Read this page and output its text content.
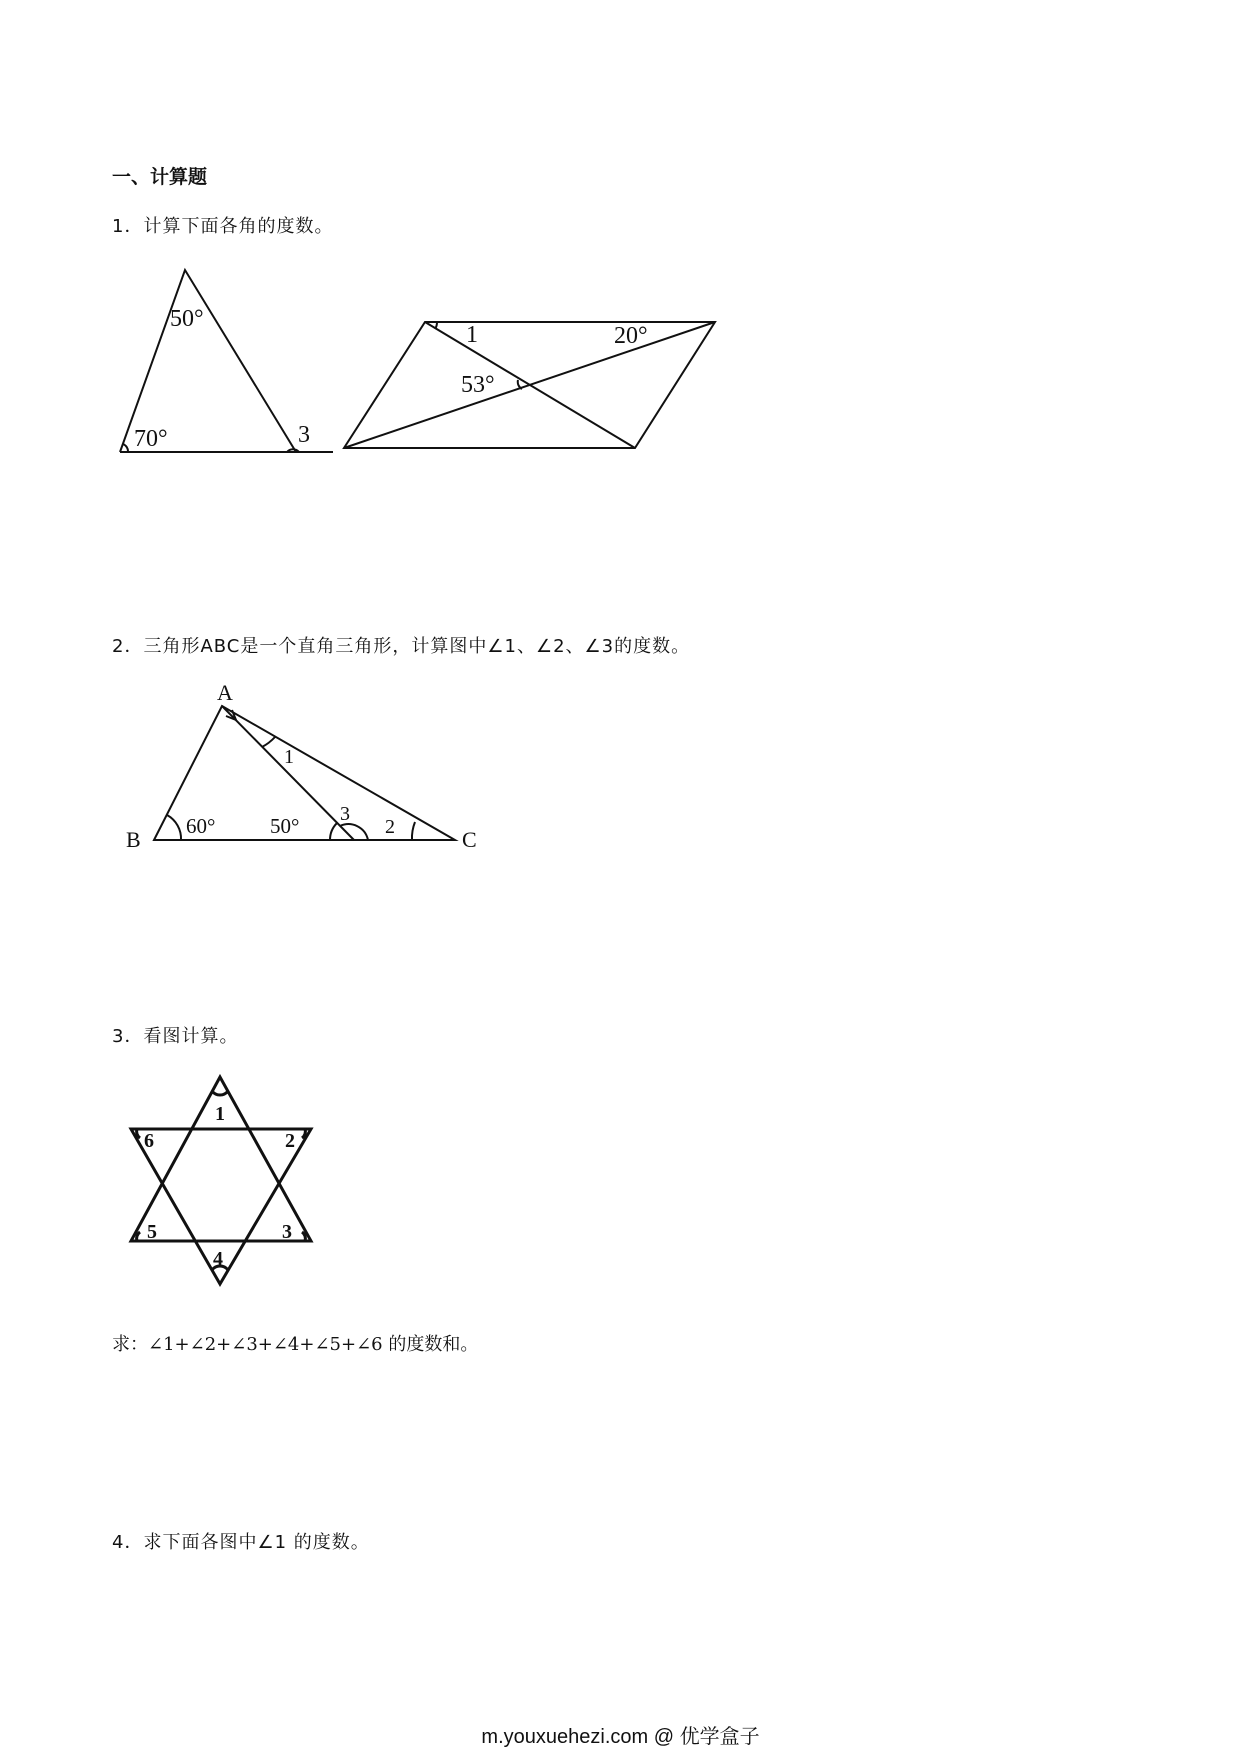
一、计算题
1．计算下面各角的度数。
2．三角形ABC是一个直角三角形，计算图中∠1、∠2、∠3的度数。
3．看图计算。
求：∠1+∠2+∠3+∠4+∠5+∠6 的度数和。
4．求下面各图中∠1 的度数。
50°
70°	3
1	20°
53°
A
B	C
60°	50°
1
3
2
1
2
3
4
5
6
m.youxuehezi.com @ 优学盒子
